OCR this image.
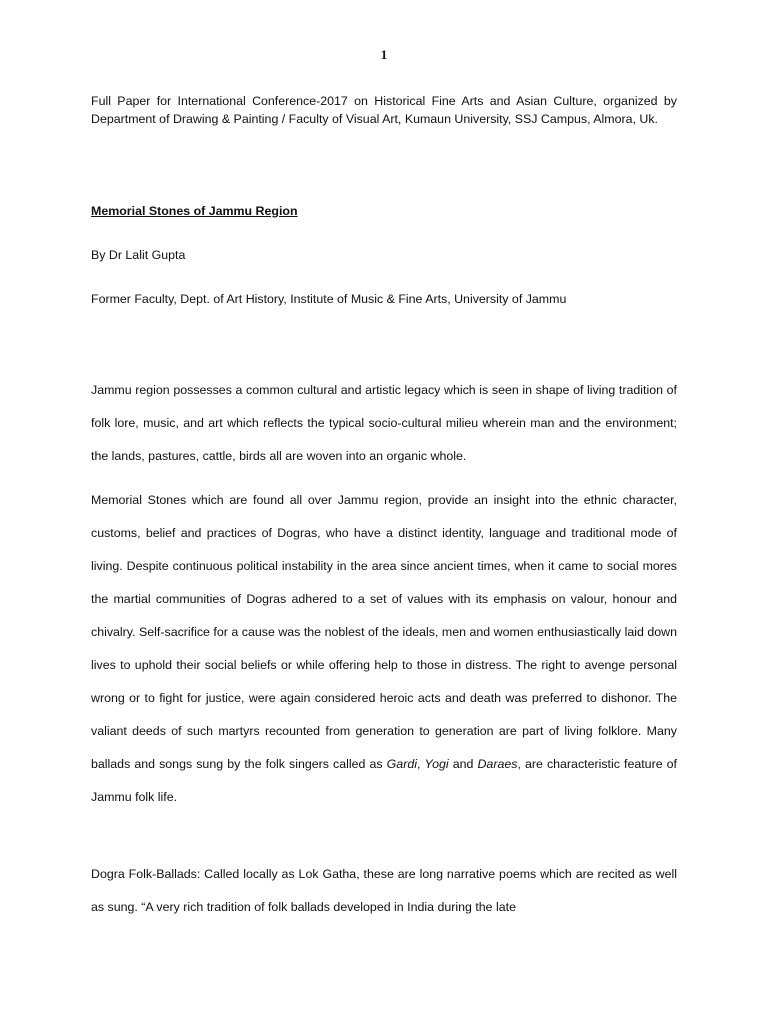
1
Full Paper for International Conference-2017 on Historical Fine Arts and Asian Culture, organized by Department of Drawing & Painting / Faculty of Visual Art, Kumaun University, SSJ Campus, Almora, Uk.
Memorial Stones of Jammu Region
By Dr Lalit Gupta
Former Faculty, Dept. of Art History, Institute of Music & Fine Arts, University of Jammu

Jammu region possesses a common cultural and artistic legacy which is seen in shape of living tradition of folk lore, music, and art which reflects the typical socio-cultural milieu wherein man and the environment; the lands, pastures, cattle, birds all are woven into an organic whole.

Memorial Stones which are found all over Jammu region, provide an insight into the ethnic character, customs, belief and practices of Dogras, who have a distinct identity, language and traditional mode of living. Despite continuous political instability in the area since ancient times, when it came to social mores the martial communities of Dogras adhered to a set of values with its emphasis on valour, honour and chivalry. Self-sacrifice for a cause was the noblest of the ideals, men and women enthusiastically laid down lives to uphold their social beliefs or while offering help to those in distress. The right to avenge personal wrong or to fight for justice, were again considered heroic acts and death was preferred to dishonor. The valiant deeds of such martyrs recounted from generation to generation are part of living folklore. Many ballads and songs sung by the folk singers called as Gardi, Yogi and Daraes, are characteristic feature of Jammu folk life.

Dogra Folk-Ballads: Called locally as Lok Gatha, these are long narrative poems which are recited as well as sung. “A very rich tradition of folk ballads developed in India during the late
